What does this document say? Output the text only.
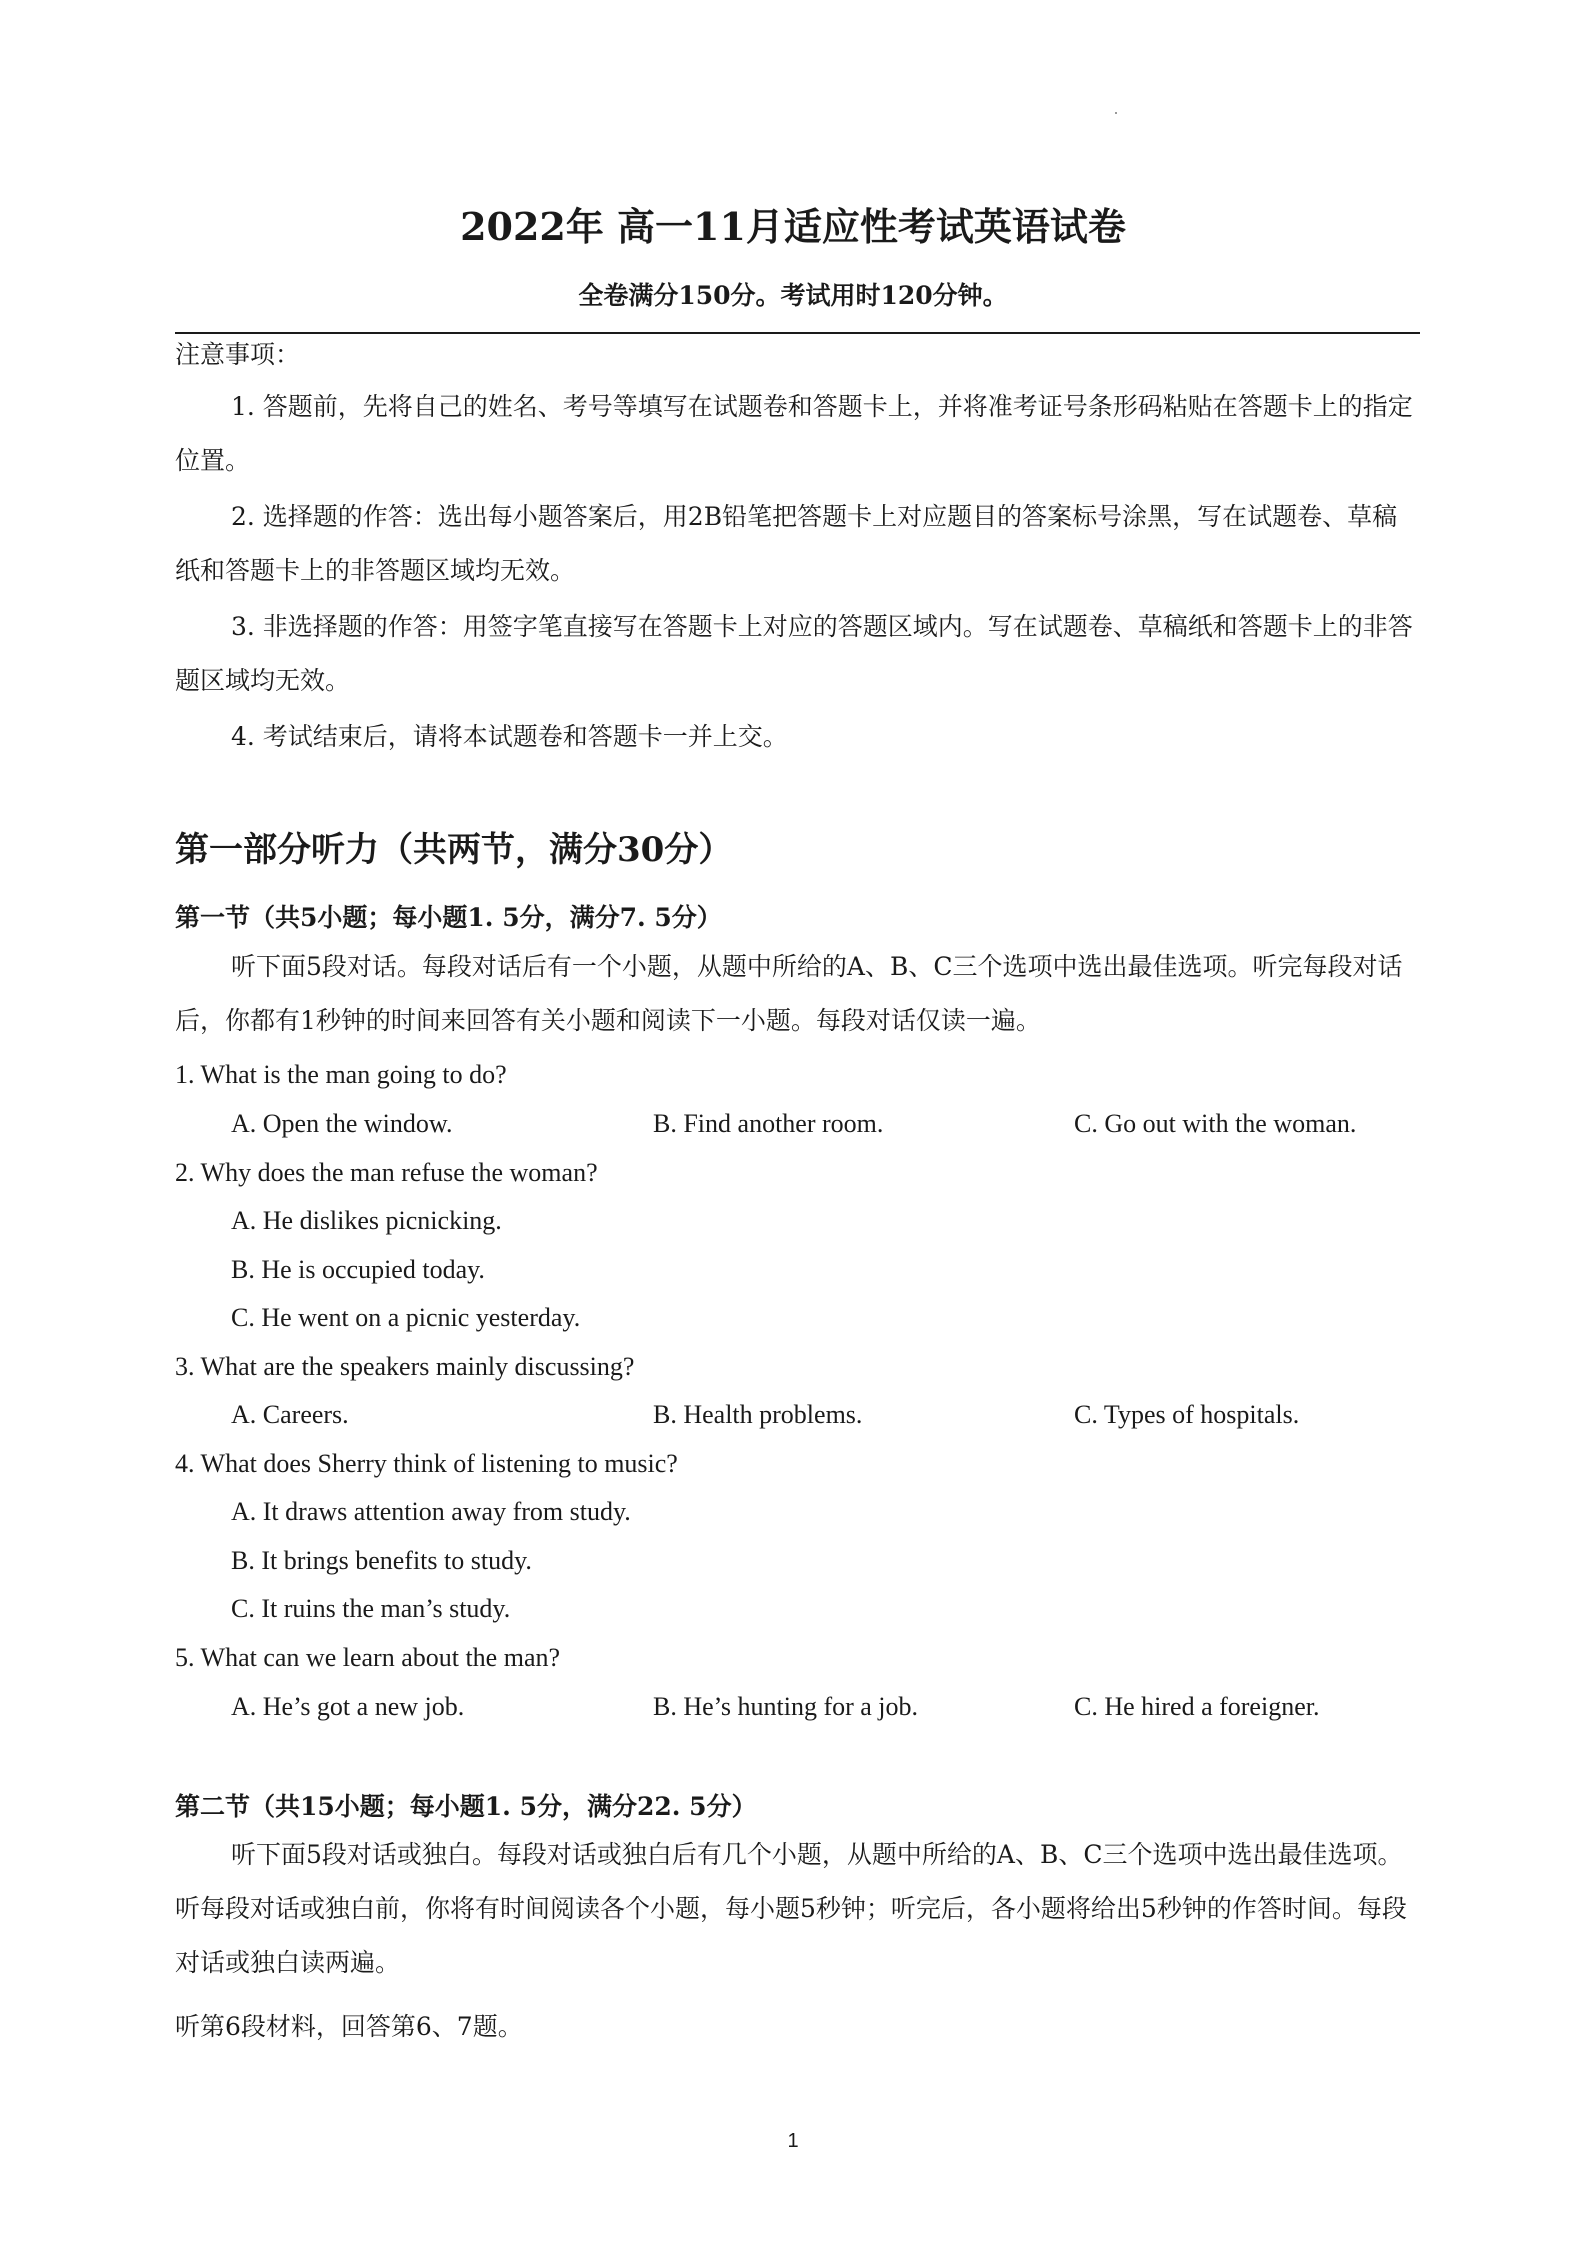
2022年 高一11月适应性考试英语试卷
全卷满分150分。考试用时120分钟。
注意事项：
1. 答题前，先将自己的姓名、考号等填写在试题卷和答题卡上，并将准考证号条形码粘贴在答题卡上的指定位置。
2. 选择题的作答：选出每小题答案后，用2B铅笔把答题卡上对应题目的答案标号涂黑，写在试题卷、草稿纸和答题卡上的非答题区域均无效。
3. 非选择题的作答：用签字笔直接写在答题卡上对应的答题区域内。写在试题卷、草稿纸和答题卡上的非答题区域均无效。
4. 考试结束后，请将本试题卷和答题卡一并上交。
第一部分听力（共两节，满分30分）
第一节（共5小题；每小题1. 5分，满分7. 5分）
听下面5段对话。每段对话后有一个小题，从题中所给的A、B、C三个选项中选出最佳选项。听完每段对话后，你都有1秒钟的时间来回答有关小题和阅读下一小题。每段对话仅读一遍。
1. What is the man going to do?
A. Open the window.	B. Find another room.	C. Go out with the woman.
2. Why does the man refuse the woman?
A. He dislikes picnicking.
B. He is occupied today.
C. He went on a picnic yesterday.
3. What are the speakers mainly discussing?
A. Careers.	B. Health problems.	C. Types of hospitals.
4. What does Sherry think of listening to music?
A. It draws attention away from study.
B. It brings benefits to study.
C. It ruins the man’s study.
5. What can we learn about the man?
A. He’s got a new job.	B. He’s hunting for a job.	C. He hired a foreigner.
第二节（共15小题；每小题1. 5分，满分22. 5分）
听下面5段对话或独白。每段对话或独白后有几个小题，从题中所给的A、B、C三个选项中选出最佳选项。听每段对话或独白前，你将有时间阅读各个小题，每小题5秒钟；听完后，各小题将给出5秒钟的作答时间。每段对话或独白读两遍。
听第6段材料，回答第6、7题。
1
